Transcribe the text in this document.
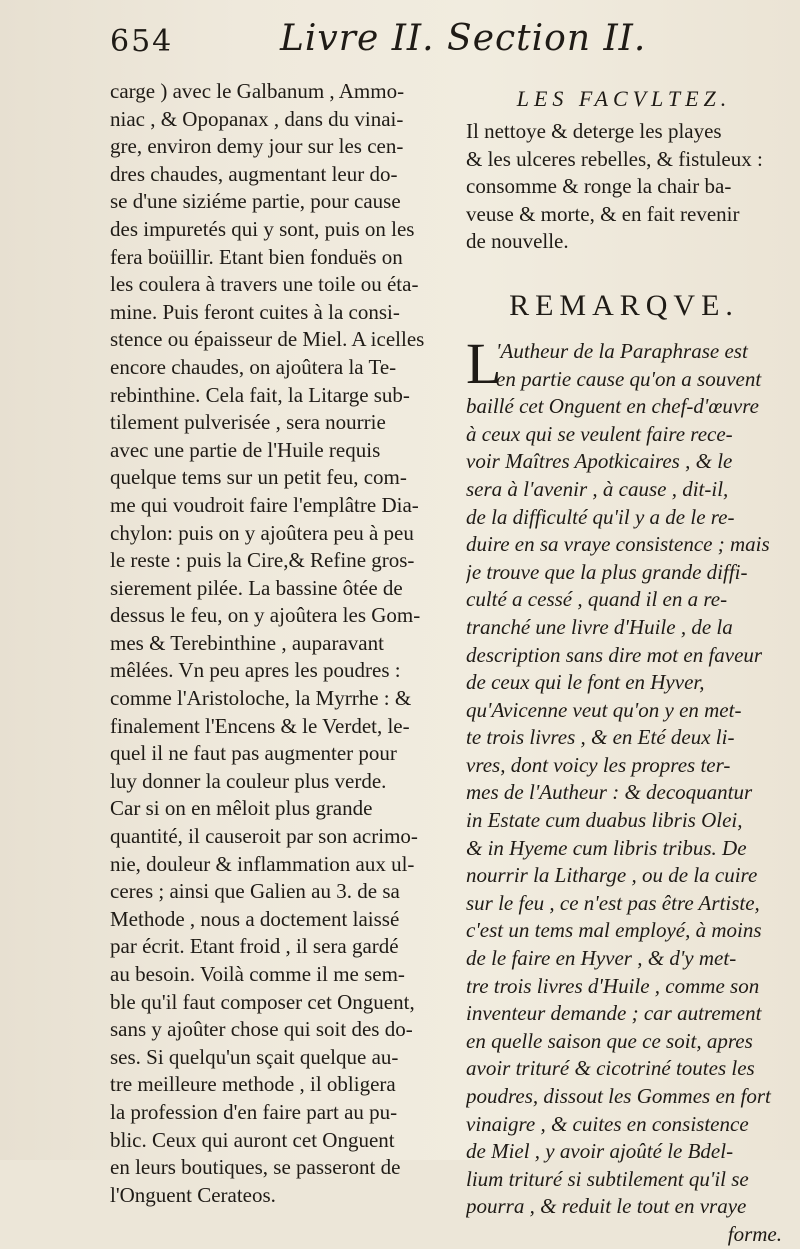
654	Livre II. Section II.
carge ) avec le Galbanum , Ammo-
niac , & Opopanax , dans du vinai-
gre, environ demy jour sur les cen-
dres chaudes, augmentant leur do-
se d'une siziéme partie, pour cause
des impuretés qui y sont, puis on les
fera boüillir. Etant bien fonduës on
les coulera à travers une toile ou éta-
mine. Puis feront cuites à la consi-
stence ou épaisseur de Miel. A icelles
encore chaudes, on ajoûtera la Te-
rebinthine. Cela fait, la Litarge sub-
tilement pulverisée , sera nourrie
avec une partie de l'Huile requis
quelque tems sur un petit feu, com-
me qui voudroit faire l'emplâtre Dia-
chylon: puis on y ajoûtera peu à peu
le reste : puis la Cire,& Refine gros-
sierement pilée. La bassine ôtée de
dessus le feu, on y ajoûtera les Gom-
mes & Terebinthine , auparavant
mêlées. Vn peu apres les poudres :
comme l'Aristoloche, la Myrrhe : &
finalement l'Encens & le Verdet, le-
quel il ne faut pas augmenter pour
luy donner la couleur plus verde.
Car si on en mêloit plus grande
quantité, il causeroit par son acrimo-
nie, douleur & inflammation aux ul-
ceres ; ainsi que Galien au 3. de sa
Methode , nous a doctement laissé
par écrit. Etant froid , il sera gardé
au besoin. Voilà comme il me sem-
ble qu'il faut composer cet Onguent,
sans y ajoûter chose qui soit des do-
ses. Si quelqu'un sçait quelque au-
tre meilleure methode , il obligera
la profession d'en faire part au pu-
blic. Ceux qui auront cet Onguent
en leurs boutiques, se passeront de
l'Onguent Cerateos.
LES FACVLTEZ.
Il nettoye & deterge les playes
& les ulceres rebelles, & fistuleux :
consomme & ronge la chair ba-
veuse & morte, & en fait revenir
de nouvelle.
REMARQVE.
L
'Autheur de la Paraphrase est
en partie cause qu'on a souvent
baillé cet Onguent en chef-d'œuvre
à ceux qui se veulent faire rece-
voir Maîtres Apotkicaires , & le
sera à l'avenir , à cause , dit-il,
de la difficulté qu'il y a de le re-
duire en sa vraye consistence ; mais
je trouve que la plus grande diffi-
culté a cessé , quand il en a re-
tranché une livre d'Huile , de la
description sans dire mot en faveur
de ceux qui le font en Hyver,
qu'Avicenne veut qu'on y en met-
te trois livres , & en Eté deux li-
vres, dont voicy les propres ter-
mes de l'Autheur : & decoquantur
in Estate cum duabus libris Olei,
& in Hyeme cum libris tribus. De
nourrir la Litharge , ou de la cuire
sur le feu , ce n'est pas être Artiste,
c'est un tems mal employé, à moins
de le faire en Hyver , & d'y met-
tre trois livres d'Huile , comme son
inventeur demande ; car autrement
en quelle saison que ce soit, apres
avoir trituré & cicotriné toutes les
poudres, dissout les Gommes en fort
vinaigre , & cuites en consistence
de Miel , y avoir ajoûté le Bdel-
lium trituré si subtilement qu'il se
pourra , & reduit le tout en vraye
forme.
